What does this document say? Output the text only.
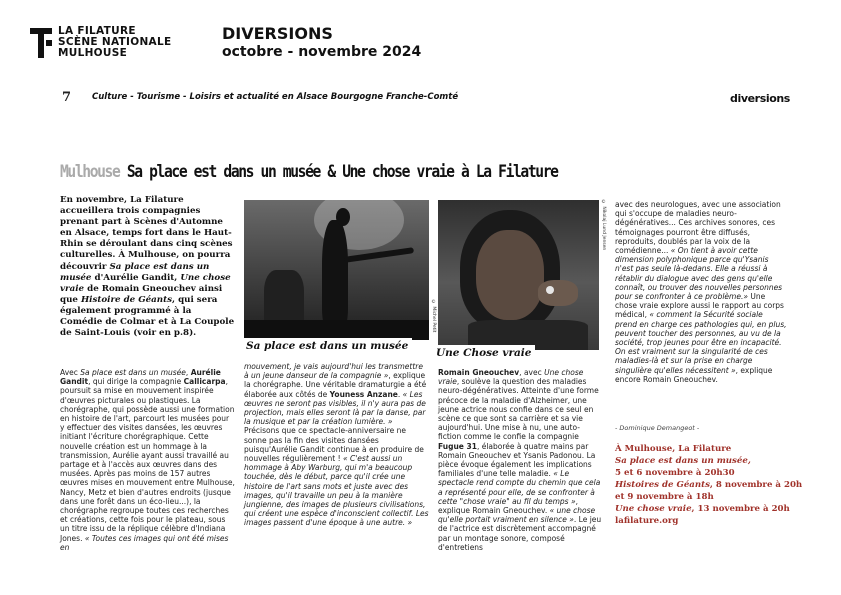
LA FILATURE
SCÈNE NATIONALE
MULHOUSE
DIVERSIONS
octobre - novembre 2024
7 Culture - Tourisme - Loisirs et actualité en Alsace Bourgogne Franche-Comté	diversions
Mulhouse Sa place est dans un musée & Une chose vraie à La Filature
En novembre, La Filature accueillera trois compagnies prenant part à Scènes d'Automne en Alsace, temps fort dans le Haut-Rhin se déroulant dans cinq scènes culturelles. À Mulhouse, on pourra découvrir Sa place est dans un musée d'Aurélie Gandit, Une chose vraie de Romain Gneouchev ainsi que Histoire de Géants, qui sera également programmé à la Comédie de Colmar et à La Coupole de Saint-Louis (voir en p.8).
Avec Sa place est dans un musée, Aurélie Gandit, qui dirige la compagnie Callicarpa, poursuit sa mise en mouvement inspirée d'œuvres picturales ou plastiques. La chorégraphe, qui possède aussi une formation en histoire de l'art, parcourt les musées pour y effectuer des visites dansées, les œuvres initiant l'écriture chorégraphique. Cette nouvelle création est un hommage à la transmission, Aurélie ayant aussi travaillé au partage et à l'accès aux œuvres dans des musées. Après pas moins de 157 autres œuvres mises en mouvement entre Mulhouse, Nancy, Metz et bien d'autres endroits (jusque dans une forêt dans un éco-lieu...), la chorégraphe regroupe toutes ces recherches et créations, cette fois pour le plateau, sous un titre issu de la réplique célèbre d'Indiana Jones. « Toutes ces images qui ont été mises en
© Michel Petit
Sa place est dans un musée
mouvement, je vais aujourd'hui les transmettre à un jeune danseur de la compagnie », explique la chorégraphe. Une véritable dramaturgie a été élaborée aux côtés de Youness Anzane. « Les œuvres ne seront pas visibles, il n'y aura pas de projection, mais elles seront là par la danse, par la musique et par la création lumière. » Précisons que ce spectacle-anniversaire ne sonne pas la fin des visites dansées puisqu'Aurélie Gandit continue à en produire de nouvelles régulièrement ! « C'est aussi un hommage à Aby Warburg, qui m'a beaucoup touchée, dès le début, parce qu'il crée une histoire de l'art sans mots et juste avec des images, qu'il travaille un peu à la manière jungienne, des images de plusieurs civilisations, qui créent une espèce d'inconscient collectif. Les images passent d'une époque à une autre. »
© Nikolaj Lund Jensen
Une Chose vraie
Romain Gneouchev, avec Une chose vraie, soulève la question des maladies neuro-dégénératives. Atteinte d'une forme précoce de la maladie d'Alzheimer, une jeune actrice nous confie dans ce seul en scène ce que sont sa carrière et sa vie aujourd'hui. Une mise à nu, une auto-fiction comme le confie la compagnie Fugue 31, élaborée à quatre mains par Romain Gneouchev et Ysanis Padonou. La pièce évoque également les implications familiales d'une telle maladie. « Le spectacle rend compte du chemin que cela a représenté pour elle, de se confronter à cette "chose vraie" au fil du temps », explique Romain Gneouchev. « une chose qu'elle portait vraiment en silence ». Le jeu de l'actrice est discrètement accompagné par un montage sonore, composé d'entretiens
avec des neurologues, avec une association qui s'occupe de maladies neuro-dégénératives... Ces archives sonores, ces témoignages pourront être diffusés, reproduits, doublés par la voix de la comédienne... « On tient à avoir cette dimension polyphonique parce qu'Ysanis n'est pas seule là-dedans. Elle a réussi à rétablir du dialogue avec des gens qu'elle connaît, ou trouver des nouvelles personnes pour se confronter à ce problème.» Une chose vraie explore aussi le rapport au corps médical, « comment la Sécurité sociale prend en charge ces pathologies qui, en plus, peuvent toucher des personnes, au vu de la société, trop jeunes pour être en incapacité. On est vraiment sur la singularité de ces maladies-là et sur la prise en charge singulière qu'elles nécessitent », explique encore Romain Gneouchev.
- Dominique Demangeot -
À Mulhouse, La Filature
Sa place est dans un musée,
5 et 6 novembre à 20h30
Histoires de Géants, 8 novembre à 20h
et 9 novembre à 18h
Une chose vraie, 13 novembre à 20h
lafilature.org
